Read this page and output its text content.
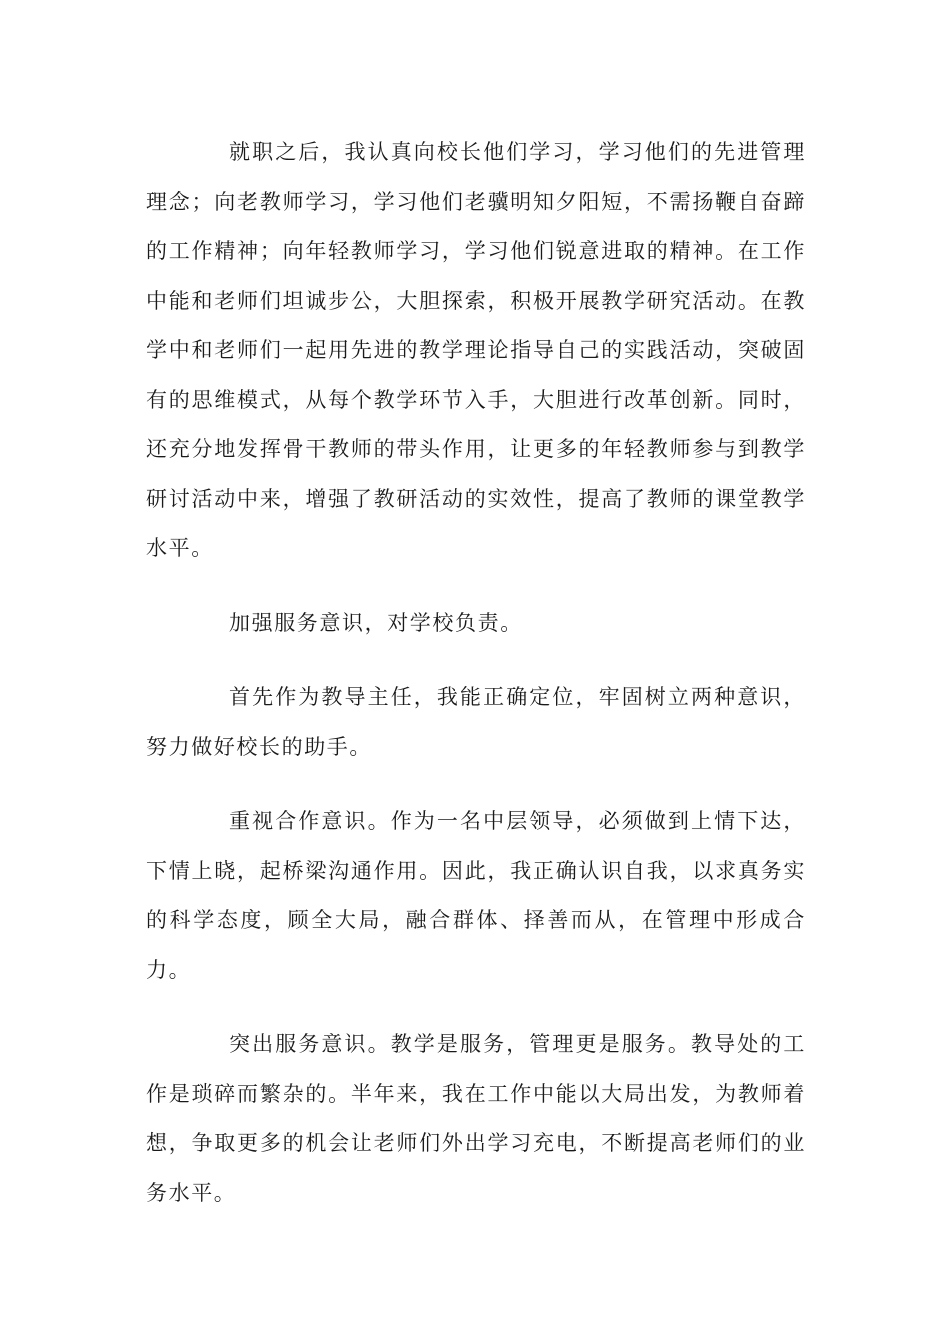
就职之后，我认真向校长他们学习，学习他们的先进管理理念；向老教师学习，学习他们老骥明知夕阳短，不需扬鞭自奋蹄的工作精神；向年轻教师学习，学习他们锐意进取的精神。在工作中能和老师们坦诚步公，大胆探索，积极开展教学研究活动。在教学中和老师们一起用先进的教学理论指导自己的实践活动，突破固有的思维模式，从每个教学环节入手，大胆进行改革创新。同时，还充分地发挥骨干教师的带头作用，让更多的年轻教师参与到教学研讨活动中来，增强了教研活动的实效性，提高了教师的课堂教学水平。

加强服务意识，对学校负责。

首先作为教导主任，我能正确定位，牢固树立两种意识，努力做好校长的助手。

重视合作意识。作为一名中层领导，必须做到上情下达，下情上晓，起桥梁沟通作用。因此，我正确认识自我，以求真务实的科学态度，顾全大局，融合群体、择善而从，在管理中形成合力。

突出服务意识。教学是服务，管理更是服务。教导处的工作是琐碎而繁杂的。半年来，我在工作中能以大局出发，为教师着想，争取更多的机会让老师们外出学习充电，不断提高老师们的业务水平。
